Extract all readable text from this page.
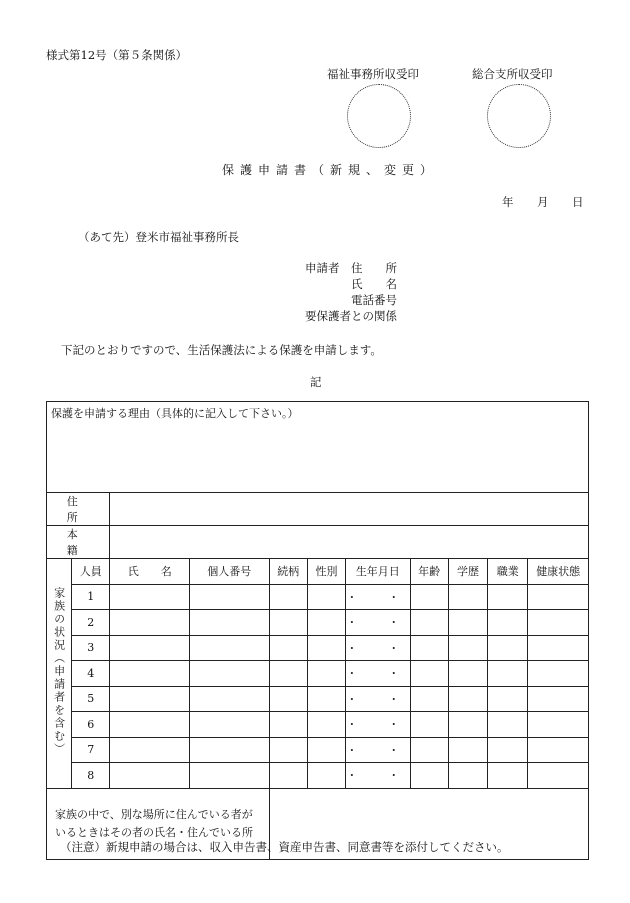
様式第12号（第５条関係）
福祉事務所収受印	総合支所収受印
保護申請書（新規、変更）
年 月 日
（あて先）登米市福祉事務所長
申請者 住　　所
氏　　名
電話番号
要保護者との関係
下記のとおりですので、生活保護法による保護を申請します。
記
保護を申請する理由（具体的に記入して下さい。）										
住　所										
本　籍										
家族の状況（申請者を含む）	人員	氏　　名	個人番号	続柄	性別	生年月日	年齢	学歴	職業	健康状態
	1					・　・				
	2					・　・				
	3					・　・				
	4					・　・				
	5					・　・				
	6					・　・				
	7					・　・				
	8					・　・				
家族の中で、別な場所に住んでいる者がいるときはその者の氏名・住んでいる所										
（注意）新規申請の場合は、収入申告書、資産申告書、同意書等を添付してください。
